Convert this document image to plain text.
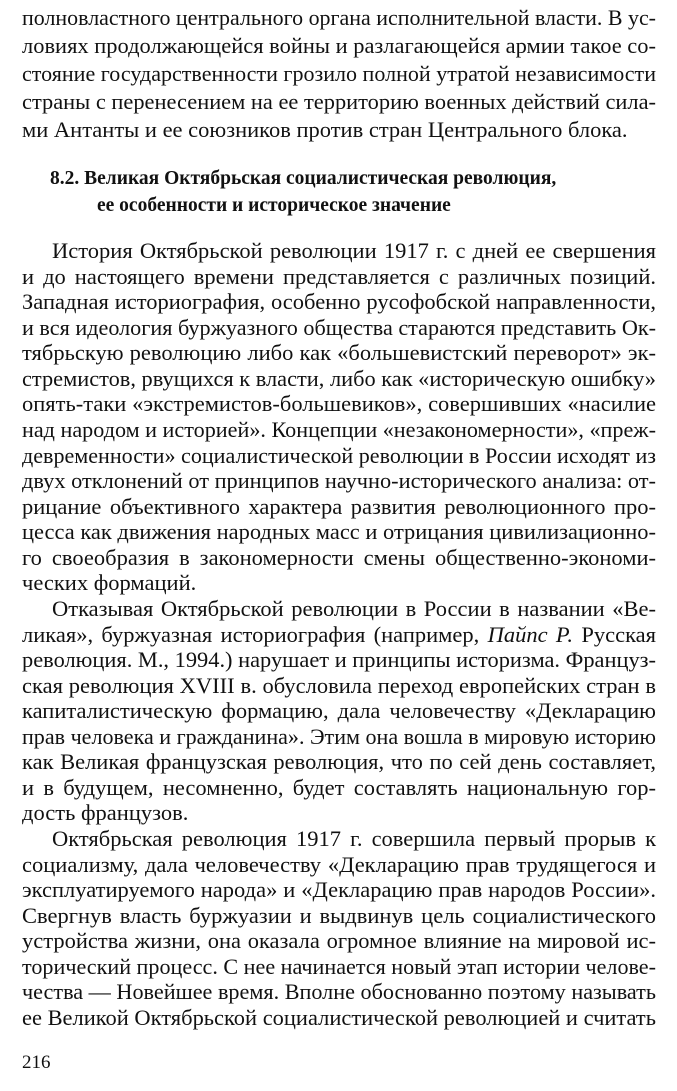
полновластного центрального органа исполнительной власти. В ус-
ловиях продолжающейся войны и разлагающейся армии такое со-
стояние государственности грозило полной утратой независимости
страны с перенесением на ее территорию военных действий сила-
ми Антанты и ее союзников против стран Центрального блока.
8.2. Великая Октябрьская социалистическая революция,
ее особенности и историческое значение
История Октябрьской революции 1917 г. с дней ее свершения
и до настоящего времени представляется с различных позиций.
Западная историография, особенно русофобской направленности,
и вся идеология буржуазного общества стараются представить Ок-
тябрьскую революцию либо как «большевистский переворот» эк-
стремистов, рвущихся к власти, либо как «историческую ошибку»
опять-таки «экстремистов-большевиков», совершивших «насилие
над народом и историей». Концепции «незакономерности», «преж-
девременности» социалистической революции в России исходят из
двух отклонений от принципов научно-исторического анализа: от-
рицание объективного характера развития революционного про-
цесса как движения народных масс и отрицания цивилизационно-
го своеобразия в закономерности смены общественно-экономи-
ческих формаций.
Отказывая Октябрьской революции в России в названии «Ве-
ликая», буржуазная историография (например, Пайпс Р. Русская
революция. М., 1994.) нарушает и принципы историзма. Француз-
ская революция XVIII в. обусловила переход европейских стран в
капиталистическую формацию, дала человечеству «Декларацию
прав человека и гражданина». Этим она вошла в мировую историю
как Великая французская революция, что по сей день составляет,
и в будущем, несомненно, будет составлять национальную гор-
дость французов.
Октябрьская революция 1917 г. совершила первый прорыв к
социализму, дала человечеству «Декларацию прав трудящегося и
эксплуатируемого народа» и «Декларацию прав народов России».
Свергнув власть буржуазии и выдвинув цель социалистического
устройства жизни, она оказала огромное влияние на мировой ис-
торический процесс. С нее начинается новый этап истории челове-
чества — Новейшее время. Вполне обоснованно поэтому называть
ее Великой Октябрьской социалистической революцией и считать
216
